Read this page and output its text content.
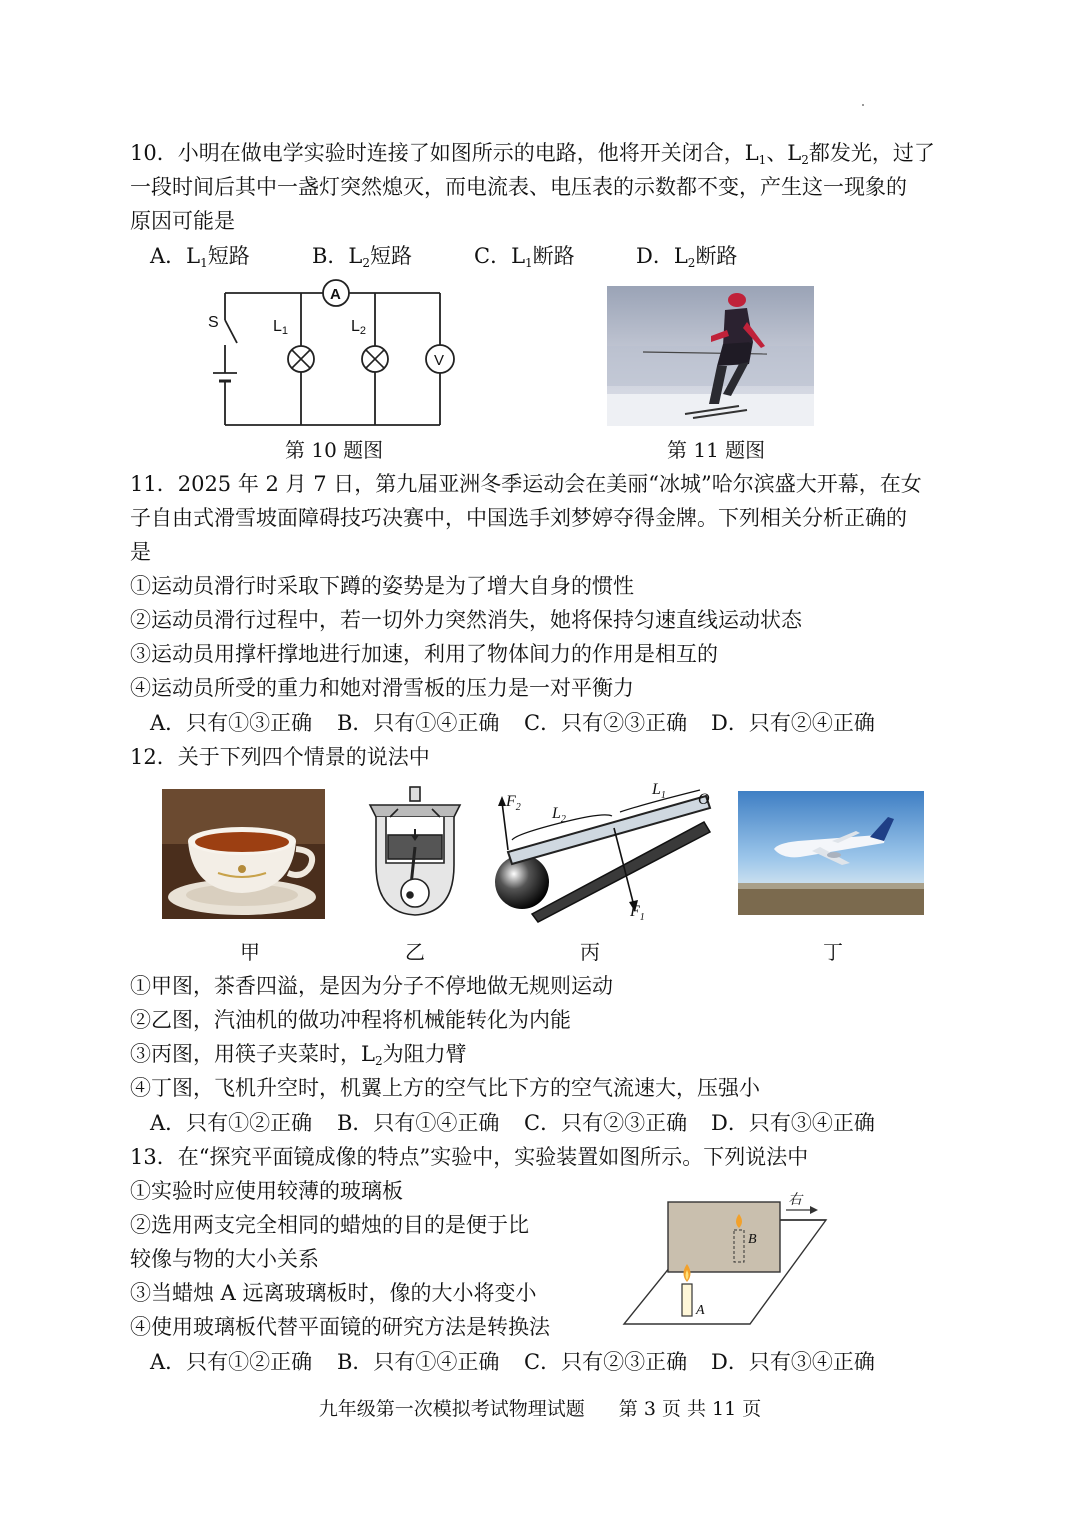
10．小明在做电学实验时连接了如图所示的电路，他将开关闭合，$L_1$、$L_2$都发光，过了
一段时间后其中一盏灯突然熄灭，而电流表、电压表的示数都不变，产生这一现象的
原因可能是
A．$L_1$短路	B．$L_2$短路	C．$L_1$断路	D．$L_2$断路
S	L1	L2
A
V
第 10 题图	第 11 题图
11．2025 年 2 月 7 日，第九届亚洲冬季运动会在美丽“冰城”哈尔滨盛大开幕，在女
子自由式滑雪坡面障碍技巧决赛中，中国选手刘梦婷夺得金牌。下列相关分析正确的
是
①运动员滑行时采取下蹲的姿势是为了增大自身的惯性
②运动员滑行过程中，若一切外力突然消失，她将保持匀速直线运动状态
③运动员用撑杆撑地进行加速，利用了物体间力的作用是相互的
④运动员所受的重力和她对滑雪板的压力是一对平衡力
A．只有①③正确 B．只有①④正确 C．只有②③正确 D．只有②④正确
12．关于下列四个情景的说法中
甲	乙
$F_2$ $L_2$
$L_1$ O
$F_1$
丙	丁
①甲图，茶香四溢，是因为分子不停地做无规则运动
②乙图，汽油机的做功冲程将机械能转化为内能
③丙图，用筷子夹菜时，$L_2$为阻力臂
④丁图，飞机升空时，机翼上方的空气比下方的空气流速大，压强小
A．只有①②正确 B．只有①④正确 C．只有②③正确 D．只有③④正确
13．在“探究平面镜成像的特点”实验中，实验装置如图所示。下列说法中
①实验时应使用较薄的玻璃板
②选用两支完全相同的蜡烛的目的是便于比
较像与物的大小关系
③当蜡烛 A 远离玻璃板时，像的大小将变小
④使用玻璃板代替平面镜的研究方法是转换法
右
B
A
A．只有①②正确 B．只有①④正确 C．只有②③正确 D．只有③④正确
九年级第一次模拟考试物理试题 第 3 页 共 11 页
